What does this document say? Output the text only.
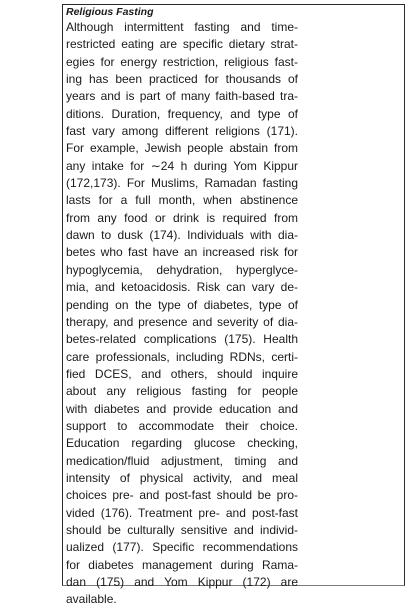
Religious Fasting
Although intermittent fasting and time-
restricted eating are specific dietary strat-
egies for energy restriction, religious fast-
ing has been practiced for thousands of
years and is part of many faith-based tra-
ditions. Duration, frequency, and type of
fast vary among different religions (171).
For example, Jewish people abstain from
any intake for ∼24 h during Yom Kippur
(172,173). For Muslims, Ramadan fasting
lasts for a full month, when abstinence
from any food or drink is required from
dawn to dusk (174). Individuals with dia-
betes who fast have an increased risk for
hypoglycemia, dehydration, hyperglyce-
mia, and ketoacidosis. Risk can vary de-
pending on the type of diabetes, type of
therapy, and presence and severity of dia-
betes-related complications (175). Health
care professionals, including RDNs, certi-
fied DCES, and others, should inquire
about any religious fasting for people
with diabetes and provide education and
support to accommodate their choice.
Education regarding glucose checking,
medication/fluid adjustment, timing and
intensity of physical activity, and meal
choices pre- and post-fast should be pro-
vided (176). Treatment pre- and post-fast
should be culturally sensitive and individ-
ualized (177). Specific recommendations
for diabetes management during Rama-
dan (175) and Yom Kippur (172) are
available.
